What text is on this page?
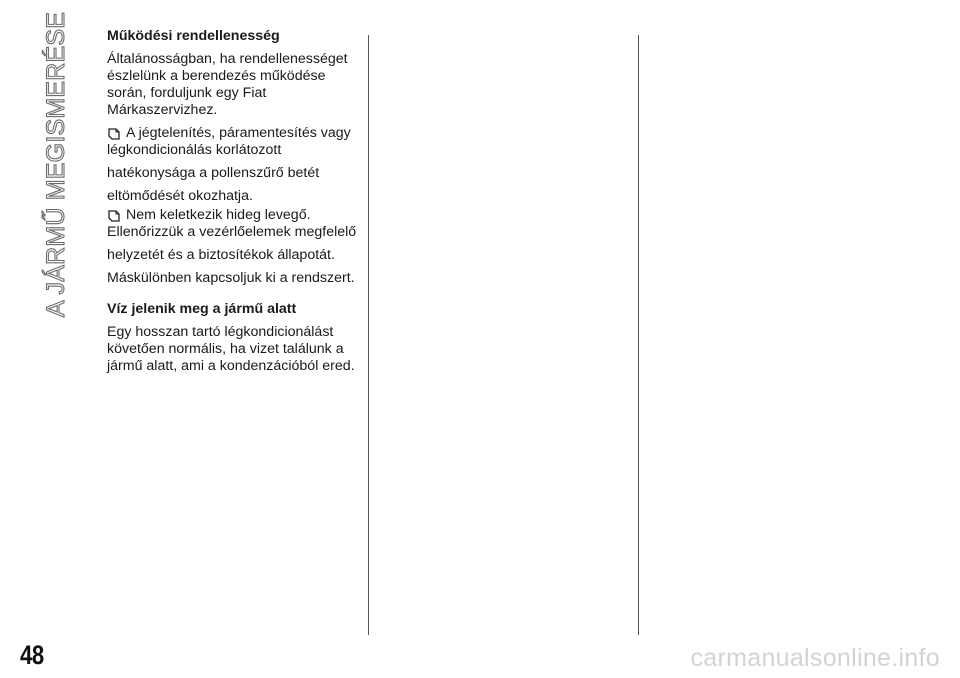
A JÁRMŰ MEGISMERÉSE	Működési rendellenesség
Általánosságban, ha rendellenességet
észlelünk a berendezés működése
során, forduljunk egy Fiat
Márkaszervizhez.
A jégtelenítés, páramentesítés vagy
légkondicionálás korlátozott
hatékonysága a pollenszűrő betét
eltömődését okozhatja.
Nem keletkezik hideg levegő.
Ellenőrizzük a vezérlőelemek megfelelő
helyzetét és a biztosítékok állapotát.
Máskülönben kapcsoljuk ki a rendszert.
Víz jelenik meg a jármű alatt
Egy hosszan tartó légkondicionálást
követően normális, ha vizet találunk a
jármű alatt, ami a kondenzációból ered.
48	carmanualsonline.info
